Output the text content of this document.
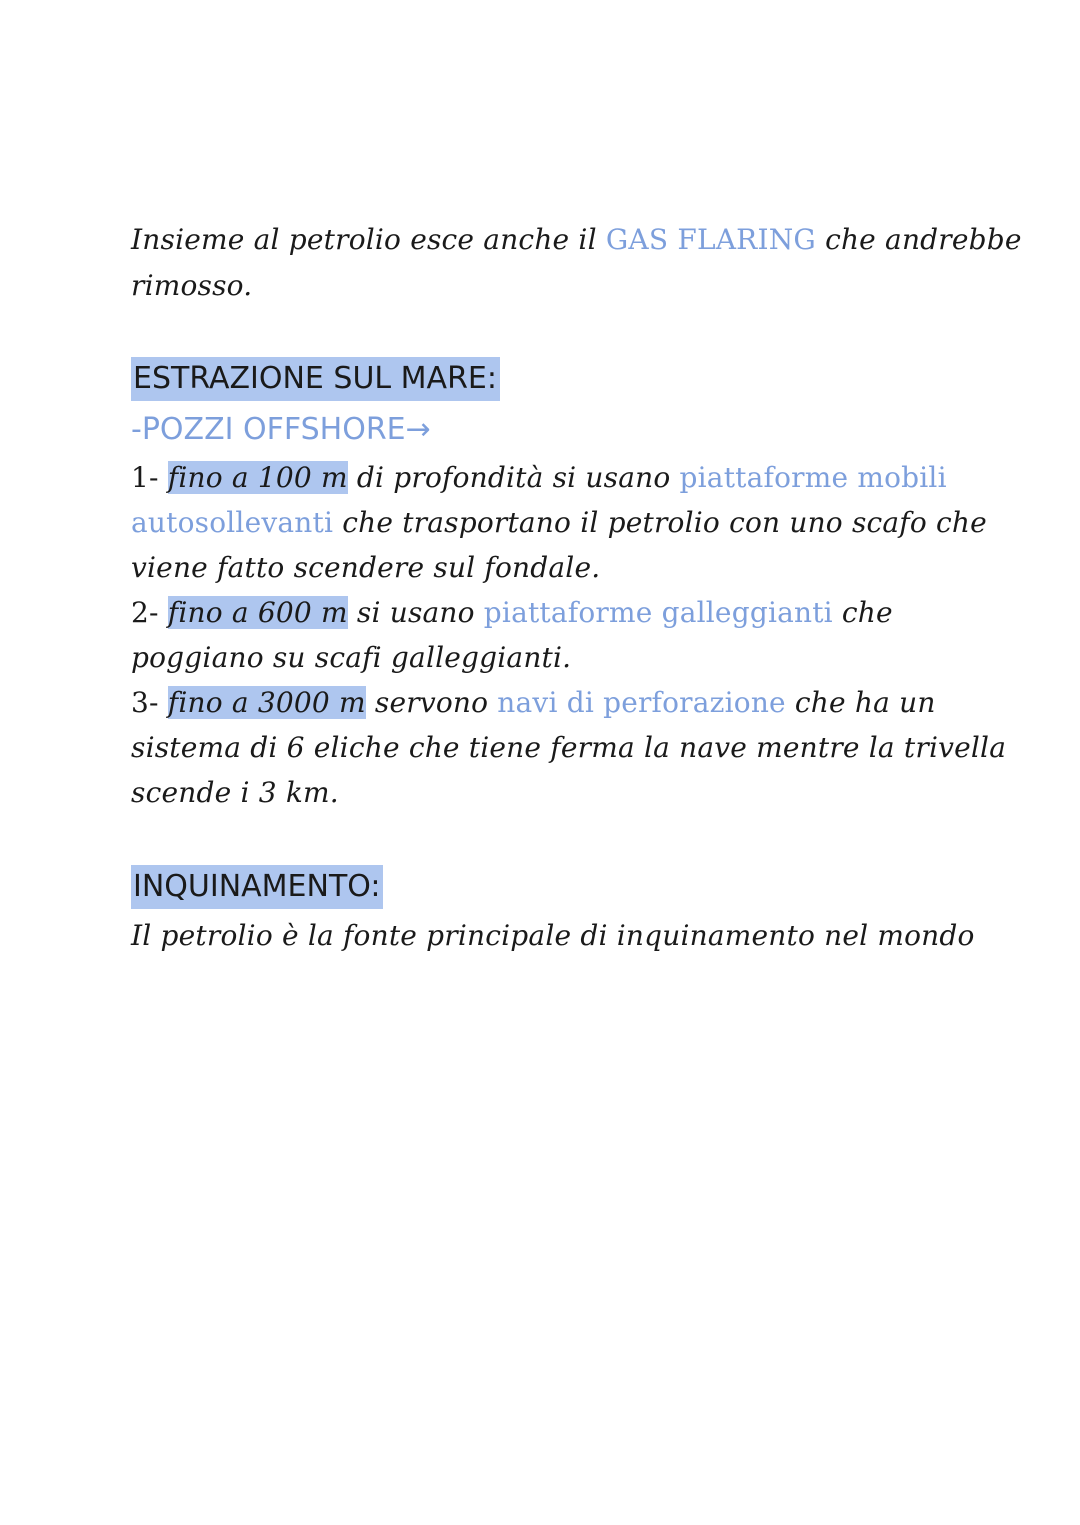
Insieme al petrolio esce anche il GAS FLARING che andrebbe
rimosso.
ESTRAZIONE SUL MARE:
-POZZI OFFSHORE→
1- fino a 100 m di profondità si usano piattaforme mobili
autosollevanti che trasportano il petrolio con uno scafo che
viene fatto scendere sul fondale.
2- fino a 600 m si usano piattaforme galleggianti che
poggiano su scafi galleggianti.
3- fino a 3000 m servono navi di perforazione che ha un
sistema di 6 eliche che tiene ferma la nave mentre la trivella
scende i 3 km.
INQUINAMENTO:
Il petrolio è la fonte principale di inquinamento nel mondo
